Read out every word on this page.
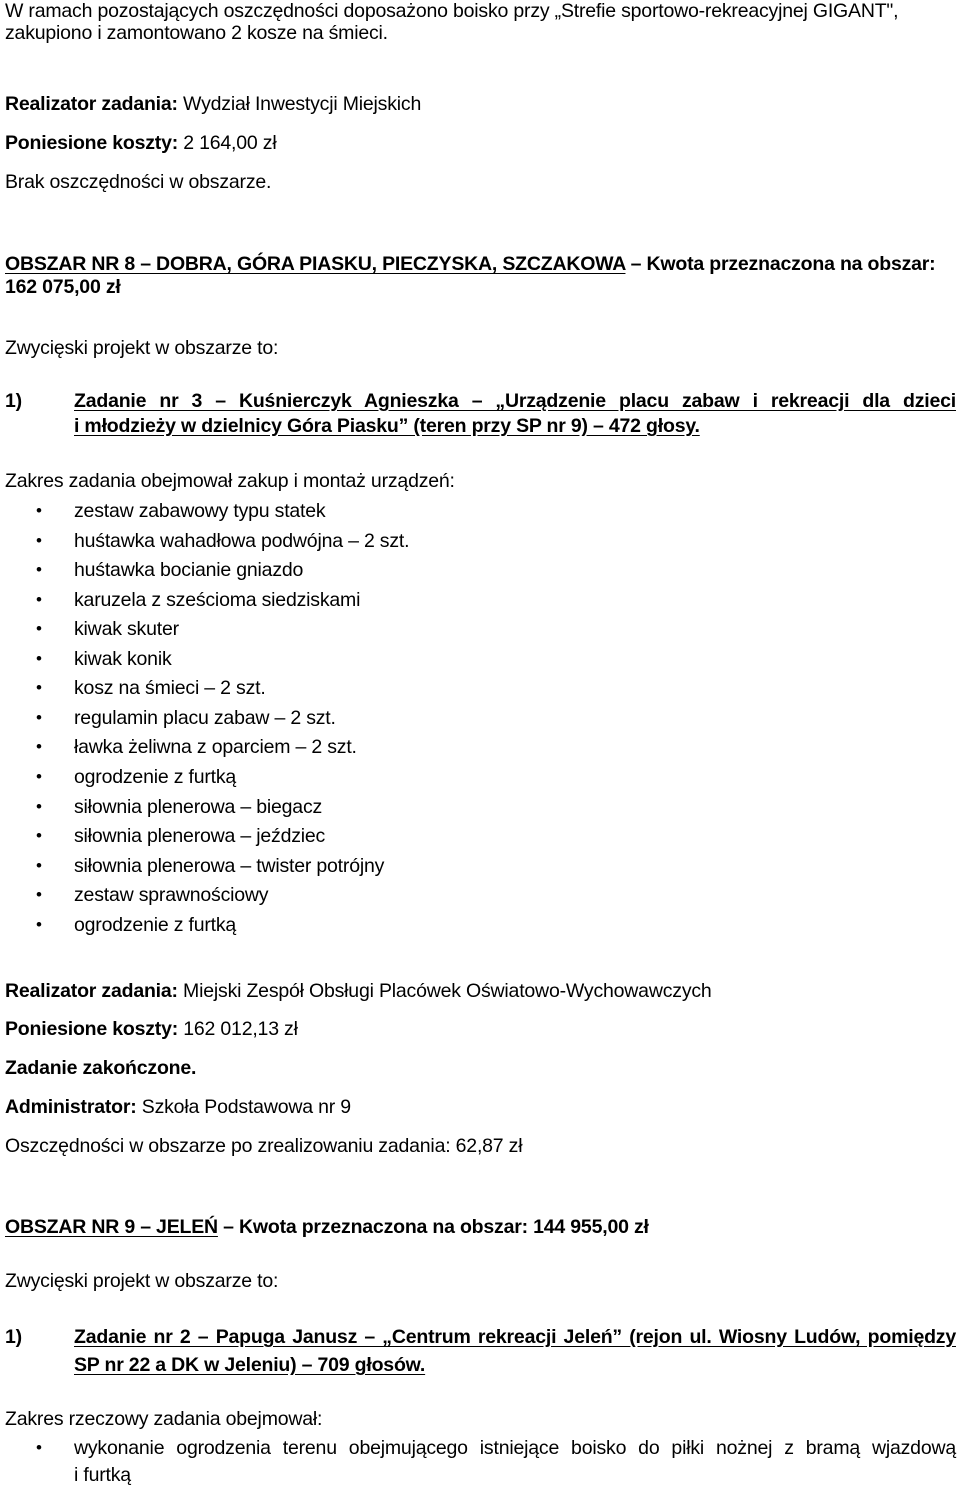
W ramach pozostających oszczędności doposażono boisko przy „Strefie sportowo-rekreacyjnej GIGANT",
zakupiono i zamontowano 2 kosze na śmieci.
Realizator zadania: Wydział Inwestycji Miejskich
Poniesione koszty: 2 164,00 zł
Brak oszczędności w obszarze.
OBSZAR NR 8 – DOBRA, GÓRA PIASKU, PIECZYSKA, SZCZAKOWA – Kwota przeznaczona na obszar:
162 075,00 zł
Zwycięski projekt w obszarze to:
1)	Zadanie nr 3 – Kuśnierczyk Agnieszka – „Urządzenie placu zabaw i rekreacji dla dzieci
i młodzieży w dzielnicy Góra Piasku” (teren przy SP nr 9) – 472 głosy.
Zakres zadania obejmował zakup i montaż urządzeń:
•	zestaw zabawowy typu statek
•	huśtawka wahadłowa podwójna – 2 szt.
•	huśtawka bocianie gniazdo
•	karuzela z sześcioma siedziskami
•	kiwak skuter
•	kiwak konik
•	kosz na śmieci – 2 szt.
•	regulamin placu zabaw – 2 szt.
•	ławka żeliwna z oparciem – 2 szt.
•	ogrodzenie z furtką
•	siłownia plenerowa – biegacz
•	siłownia plenerowa – jeździec
•	siłownia plenerowa – twister potrójny
•	zestaw sprawnościowy
•	ogrodzenie z furtką
Realizator zadania: Miejski Zespół Obsługi Placówek Oświatowo-Wychowawczych
Poniesione koszty: 162 012,13 zł
Zadanie zakończone.
Administrator: Szkoła Podstawowa nr 9
Oszczędności w obszarze po zrealizowaniu zadania: 62,87 zł
OBSZAR NR 9 – JELEŃ – Kwota przeznaczona na obszar: 144 955,00 zł
Zwycięski projekt w obszarze to:
1)	Zadanie nr 2 – Papuga Janusz – „Centrum rekreacji Jeleń” (rejon ul. Wiosny Ludów, pomiędzy
SP nr 22 a DK w Jeleniu) – 709 głosów.
Zakres rzeczowy zadania obejmował:
•	wykonanie ogrodzenia terenu obejmującego istniejące boisko do piłki nożnej z bramą wjazdową
i furtką
